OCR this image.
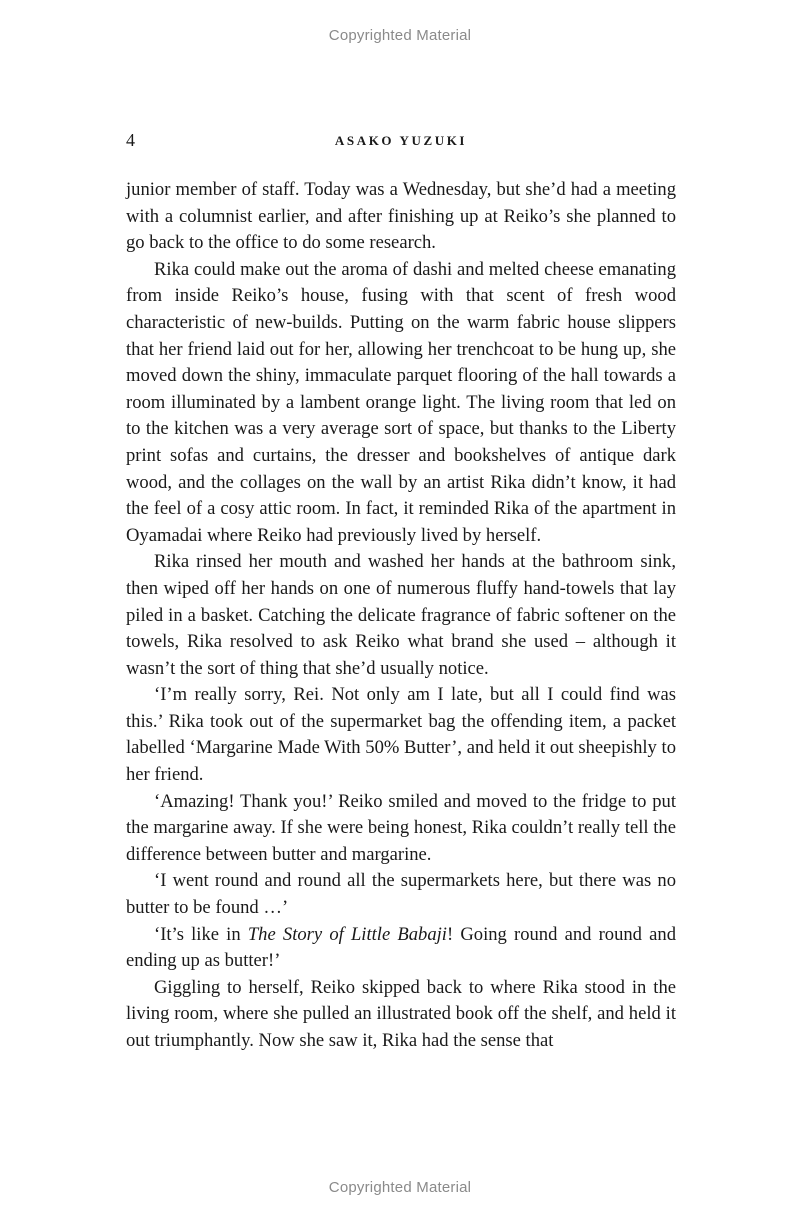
Copyrighted Material
4	ASAKO YUZUKI

junior member of staff. Today was a Wednesday, but she’d had a meeting with a columnist earlier, and after finishing up at Reiko’s she planned to go back to the office to do some research.

Rika could make out the aroma of dashi and melted cheese emanating from inside Reiko’s house, fusing with that scent of fresh wood characteristic of new-builds. Putting on the warm fabric house slippers that her friend laid out for her, allowing her trenchcoat to be hung up, she moved down the shiny, immaculate parquet flooring of the hall towards a room illuminated by a lambent orange light. The living room that led on to the kitchen was a very average sort of space, but thanks to the Liberty print sofas and curtains, the dresser and bookshelves of antique dark wood, and the collages on the wall by an artist Rika didn’t know, it had the feel of a cosy attic room. In fact, it reminded Rika of the apartment in Oyamadai where Reiko had previously lived by herself.

Rika rinsed her mouth and washed her hands at the bathroom sink, then wiped off her hands on one of numerous fluffy hand-towels that lay piled in a basket. Catching the delicate fragrance of fabric softener on the towels, Rika resolved to ask Reiko what brand she used – although it wasn’t the sort of thing that she’d usually notice.

‘I’m really sorry, Rei. Not only am I late, but all I could find was this.’ Rika took out of the supermarket bag the offending item, a packet labelled ‘Margarine Made With 50% Butter’, and held it out sheepishly to her friend.

‘Amazing! Thank you!’ Reiko smiled and moved to the fridge to put the margarine away. If she were being honest, Rika couldn’t really tell the difference between butter and margarine.

‘I went round and round all the supermarkets here, but there was no butter to be found …’

‘It’s like in The Story of Little Babaji! Going round and round and ending up as butter!’

Giggling to herself, Reiko skipped back to where Rika stood in the living room, where she pulled an illustrated book off the shelf, and held it out triumphantly. Now she saw it, Rika had the sense that

Copyrighted Material
